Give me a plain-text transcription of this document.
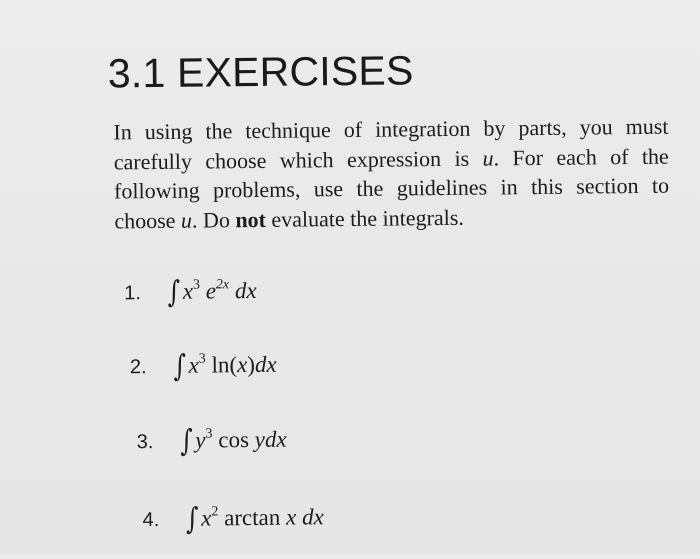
3.1 EXERCISES
In using the technique of integration by parts, you must carefully choose which expression is u. For each of the following problems, use the guidelines in this section to choose u. Do not evaluate the integrals.
1. $\int x^3$ $e^{2x}$ dx
2. $\int x^3$ ln(x)dx
3. $\int y^3$ cos ydx
4. $\int x^2$ arctan x dx
